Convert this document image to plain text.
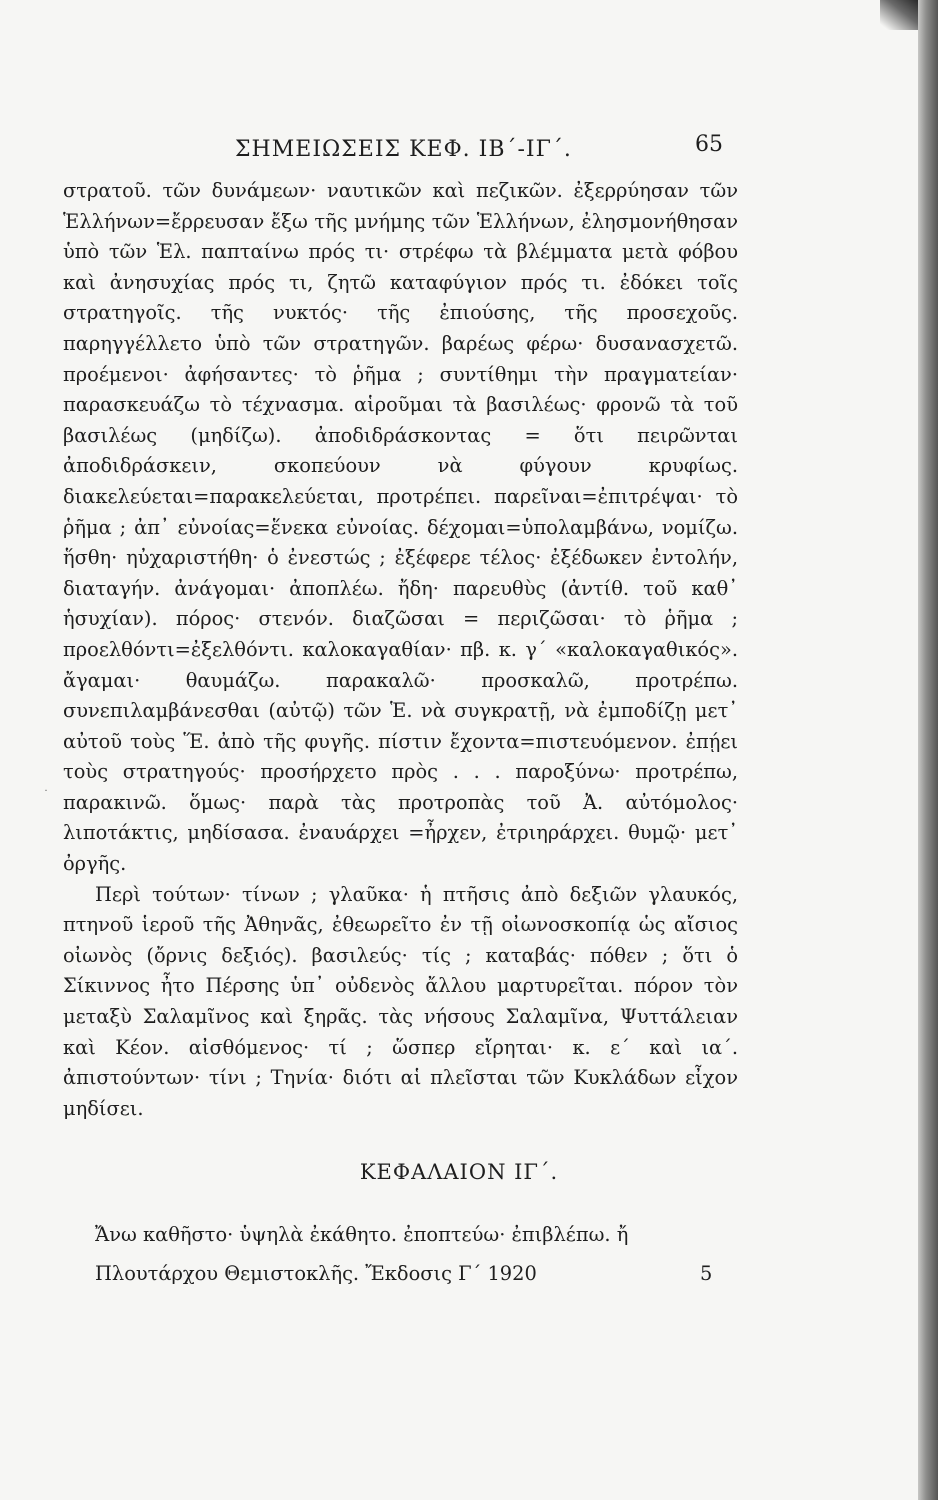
ΣΗΜΕΙΩΣΕΙΣ ΚΕΦ. ΙΒ΄-ΙΓ΄.	65

στρατοῦ. τῶν δυνάμεων· ναυτικῶν καὶ πεζικῶν. ἐξερρύησαν τῶν Ἑλλήνων=ἔρρευσαν ἔξω τῆς μνήμης τῶν Ἑλλήνων, ἐλησμονήθησαν ὑπὸ τῶν Ἑλ. παπταίνω πρός τι· στρέφω τὰ βλέμματα μετὰ φόβου καὶ ἀνησυχίας πρός τι, ζητῶ καταφύγιον πρός τι. ἐδόκει τοῖς στρατηγοῖς. τῆς νυκτός· τῆς ἐπιούσης, τῆς προσεχοῦς. παρηγγέλλετο ὑπὸ τῶν στρατηγῶν. βαρέως φέρω· δυσανασχετῶ. προέμενοι· ἀφήσαντες· τὸ ῥῆμα ; συντίθημι τὴν πραγματείαν· παρασκευάζω τὸ τέχνασμα. αἱροῦμαι τὰ βασιλέως· φρονῶ τὰ τοῦ βασιλέως (μηδίζω). ἀποδιδράσκοντας = ὅτι πειρῶνται ἀποδιδράσκειν, σκοπεύουν νὰ φύγουν κρυφίως. διακελεύεται=παρακελεύεται, προτρέπει. παρεῖναι=ἐπιτρέψαι· τὸ ῥῆμα ; ἀπ᾽ εὐνοίας=ἕνεκα εὐνοίας. δέχομαι=ὑπολαμβάνω, νομίζω. ἥσθη· ηὐχαριστήθη· ὁ ἐνεστώς ; ἐξέφερε τέλος· ἐξέδωκεν ἐντολήν, διαταγήν. ἀνάγομαι· ἀποπλέω. ἤδη· παρευθὺς (ἀντίθ. τοῦ καθ᾽ ἡσυχίαν). πόρος· στενόν. διαζῶσαι = περιζῶσαι· τὸ ῥῆμα ; προελθόντι=ἐξελθόντι. καλοκαγαθίαν· πβ. κ. γ΄ «καλοκαγαθικός». ἄγαμαι· θαυμάζω. παρακαλῶ· προσκαλῶ, προτρέπω. συνεπιλαμβάνεσθαι (αὐτῷ) τῶν Ἑ. νὰ συγκρατῇ, νὰ ἐμποδίζῃ μετ᾽ αὐτοῦ τοὺς Ἕ. ἀπὸ τῆς φυγῆς. πίστιν ἔχοντα=πιστευόμενον. ἐπῄει τοὺς στρατηγούς· προσήρχετο πρὸς . . . παροξύνω· προτρέπω, παρακινῶ. ὅμως· παρὰ τὰς προτροπὰς τοῦ Ἀ. αὐτόμολος· λιποτάκτις, μηδίσασα. ἐναυάρχει =ἦρχεν, ἐτριηράρχει. θυμῷ· μετ᾽ ὀργῆς.

Περὶ τούτων· τίνων ; γλαῦκα· ἡ πτῆσις ἀπὸ δεξιῶν γλαυκός, πτηνοῦ ἱεροῦ τῆς Ἀθηνᾶς, ἐθεωρεῖτο ἐν τῇ οἰωνοσκοπίᾳ ὡς αἴσιος οἰωνὸς (ὄρνις δεξιός). βασιλεύς· τίς ; καταβάς· πόθεν ; ὅτι ὁ Σίκιννος ἦτο Πέρσης ὑπ᾽ οὐδενὸς ἄλλου μαρτυρεῖται. πόρον τὸν μεταξὺ Σαλαμῖνος καὶ ξηρᾶς. τὰς νήσους Σαλαμῖνα, Ψυττάλειαν καὶ Κέον. αἰσθόμενος· τί ; ὥσπερ εἴρηται· κ. ε΄ καὶ ια΄. ἀπιστούντων· τίνι ; Τηνία· διότι αἱ πλεῖσται τῶν Κυκλάδων εἶχον μηδίσει.

·
ΚΕΦΑΛΑΙΟΝ ΙΓ΄.
Ἄνω καθῆστο· ὑψηλὰ ἐκάθητο. ἐποπτεύω· ἐπιβλέπω. ἤ
Πλουτάρχου Θεμιστοκλῆς. Ἔκδοσις Γ΄ 1920	5
